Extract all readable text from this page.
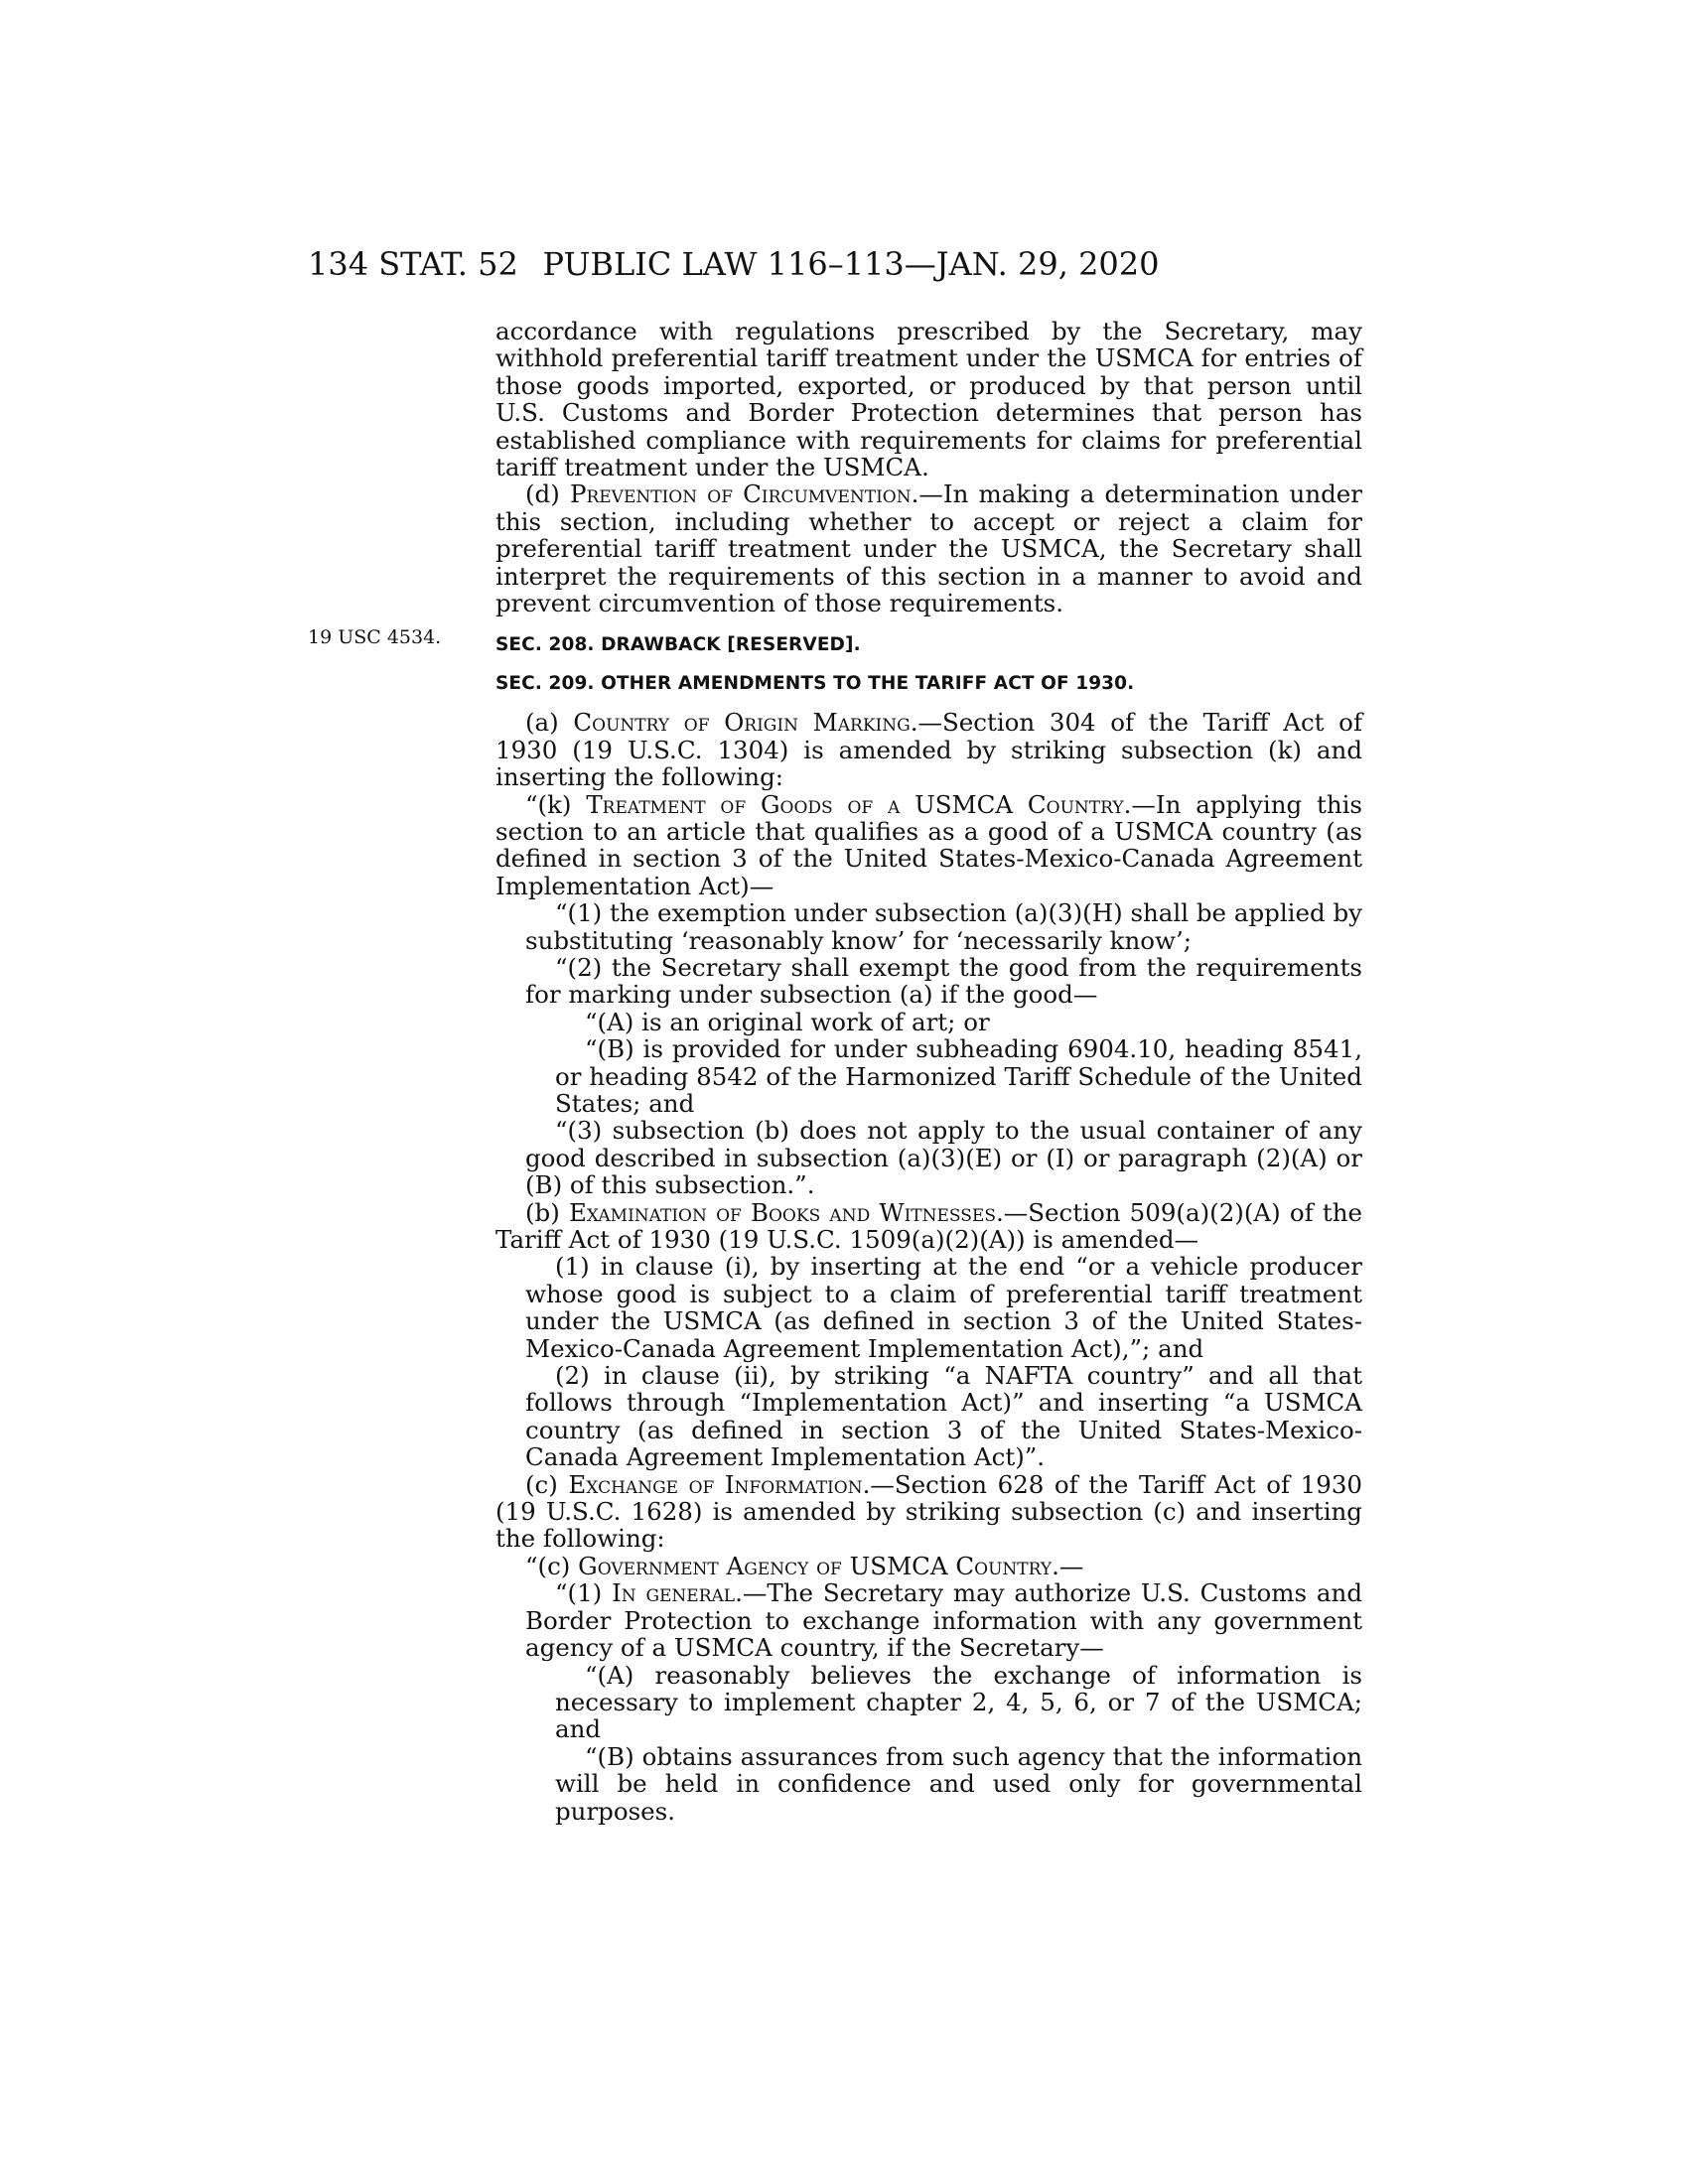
134 STAT. 52 PUBLIC LAW 116–113—JAN. 29, 2020
19 USC 4534.

accordance with regulations prescribed by the Secretary, may withhold preferential tariff treatment under the USMCA for entries of those goods imported, exported, or produced by that person until U.S. Customs and Border Protection determines that person has established compliance with requirements for claims for preferential tariff treatment under the USMCA.

(d) Prevention of Circumvention.—In making a determination under this section, including whether to accept or reject a claim for preferential tariff treatment under the USMCA, the Secretary shall interpret the requirements of this section in a manner to avoid and prevent circumvention of those requirements.

SEC. 208. DRAWBACK [RESERVED].

SEC. 209. OTHER AMENDMENTS TO THE TARIFF ACT OF 1930.

(a) Country of Origin Marking.—Section 304 of the Tariff Act of 1930 (19 U.S.C. 1304) is amended by striking subsection (k) and inserting the following:

“(k) Treatment of Goods of a USMCA Country.—In applying this section to an article that qualifies as a good of a USMCA country (as defined in section 3 of the United States-Mexico-Canada Agreement Implementation Act)—

“(1) the exemption under subsection (a)(3)(H) shall be applied by substituting ‘reasonably know’ for ‘necessarily know’;

“(2) the Secretary shall exempt the good from the requirements for marking under subsection (a) if the good—

“(A) is an original work of art; or

“(B) is provided for under subheading 6904.10, heading 8541, or heading 8542 of the Harmonized Tariff Schedule of the United States; and

“(3) subsection (b) does not apply to the usual container of any good described in subsection (a)(3)(E) or (I) or paragraph (2)(A) or (B) of this subsection.”.

(b) Examination of Books and Witnesses.—Section 509(a)(2)(A) of the Tariff Act of 1930 (19 U.S.C. 1509(a)(2)(A)) is amended—

(1) in clause (i), by inserting at the end “or a vehicle producer whose good is subject to a claim of preferential tariff treatment under the USMCA (as defined in section 3 of the United States-Mexico-Canada Agreement Implementation Act),”; and

(2) in clause (ii), by striking “a NAFTA country” and all that follows through “Implementation Act)” and inserting “a USMCA country (as defined in section 3 of the United States-Mexico-Canada Agreement Implementation Act)”.

(c) Exchange of Information.—Section 628 of the Tariff Act of 1930 (19 U.S.C. 1628) is amended by striking subsection (c) and inserting the following:

“(c) Government Agency of USMCA Country.—

“(1) In general.—The Secretary may authorize U.S. Customs and Border Protection to exchange information with any government agency of a USMCA country, if the Secretary—

“(A) reasonably believes the exchange of information is necessary to implement chapter 2, 4, 5, 6, or 7 of the USMCA; and

“(B) obtains assurances from such agency that the information will be held in confidence and used only for governmental purposes.
